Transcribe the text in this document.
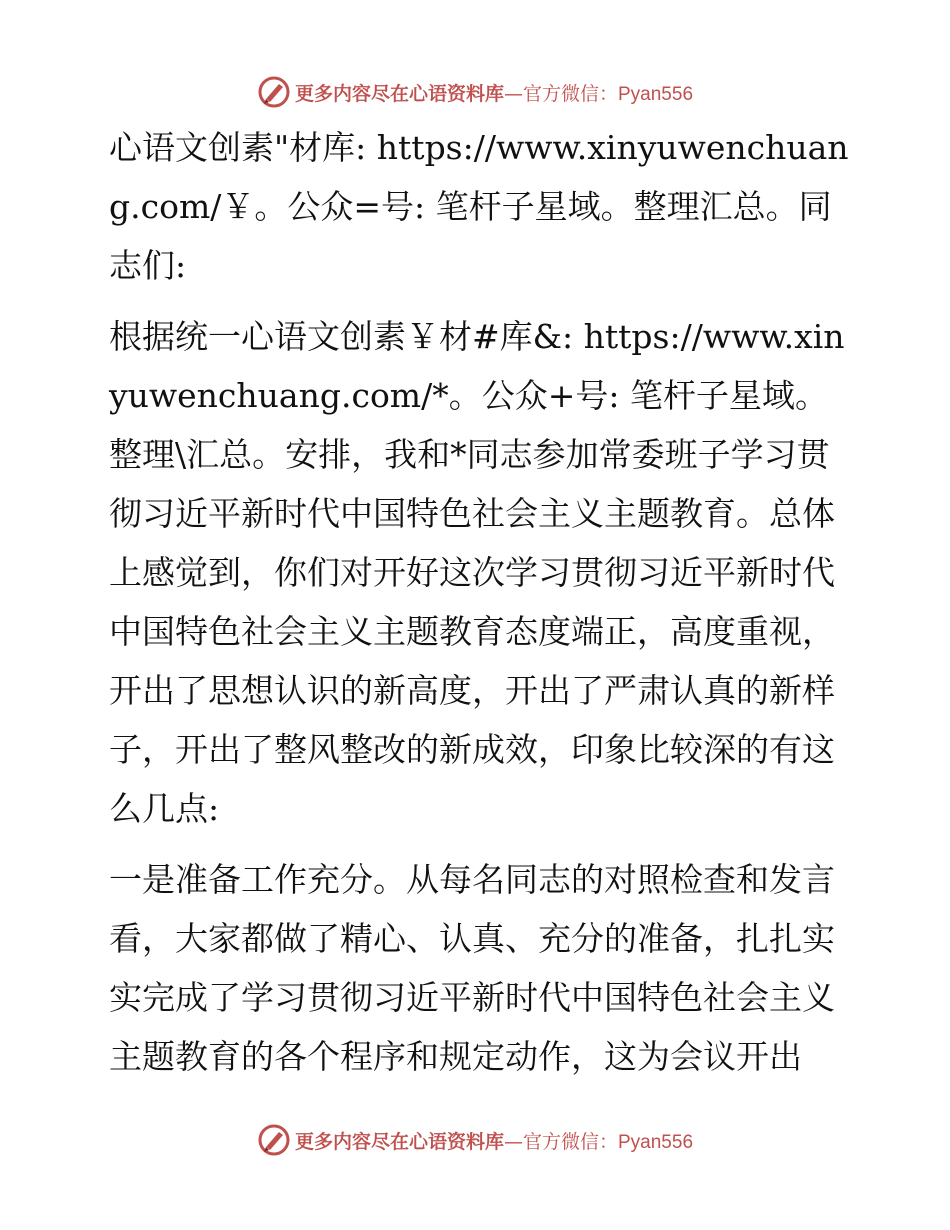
更多内容尽在心语资料库—官方微信：Pyan556

心语文创素"材库: https://www.xinyuwenchuang.com/￥。公众=号: 笔杆子星域。整理汇总。同志们:

根据统一心语文创素￥材#库&: https://www.xinyuwenchuang.com/*。公众+号: 笔杆子星域。整理\汇总。安排，我和*同志参加常委班子学习贯彻习近平新时代中国特色社会主义主题教育。总体上感觉到，你们对开好这次学习贯彻习近平新时代中国特色社会主义主题教育态度端正，高度重视，开出了思想认识的新高度，开出了严肃认真的新样子，开出了整风整改的新成效，印象比较深的有这么几点:

一是准备工作充分。从每名同志的对照检查和发言看，大家都做了精心、认真、充分的准备，扎扎实实完成了学习贯彻习近平新时代中国特色社会主义主题教育的各个程序和规定动作，这为会议开出

更多内容尽在心语资料库—官方微信：Pyan556
